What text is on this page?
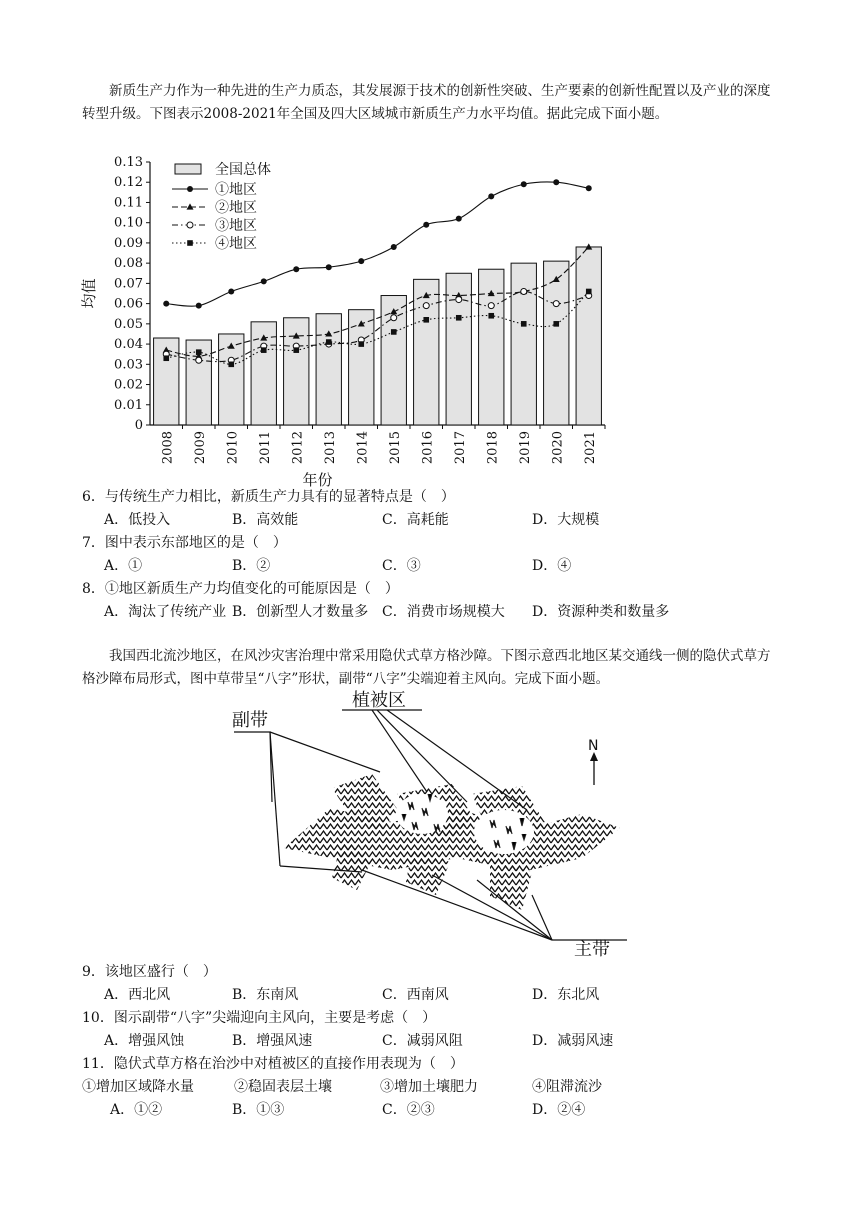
新质生产力作为一种先进的生产力质态，其发展源于技术的创新性突破、生产要素的创新性配置以及产业的深度转型升级。下图表示2008-2021年全国及四大区域城市新质生产力水平均值。据此完成下面小题。
0
0.01
0.02
0.03
0.04
0.05
0.06
0.07
0.08
0.09
0.10
0.11
0.12
0.13
均值
2008 2009 2010 2011 2012 2013 2014 2015 2016 2017 2018 2019 2020 2021
年份
全国总体
①地区
②地区
③地区
④地区
6．与传统生产力相比，新质生产力具有的显著特点是（　）
A．低投入	B．高效能	C．高耗能	D．大规模
7．图中表示东部地区的是（　）
A．①	B．②	C．③	D．④
8．①地区新质生产力均值变化的可能原因是（　）
A．淘汰了传统产业 B．创新型人才数量多 C．消费市场规模大 D．资源种类和数量多
我国西北流沙地区，在风沙灾害治理中常采用隐伏式草方格沙障。下图示意西北地区某交通线一侧的隐伏式草方格沙障布局形式，图中草带呈“八字”形状，副带“八字”尖端迎着主风向。完成下面小题。
副带
植被区
主带
N
9．该地区盛行（　）
A．西北风	B．东南风	C．西南风	D．东北风
10．图示副带“八字”尖端迎向主风向，主要是考虑（　）
A．增强风蚀	B．增强风速	C．减弱风阻	D．减弱风速
11．隐伏式草方格在治沙中对植被区的直接作用表现为（　）
①增加区域降水量	②稳固表层土壤	③增加土壤肥力	④阻滞流沙
A．①②	B．①③	C．②③	D．②④
